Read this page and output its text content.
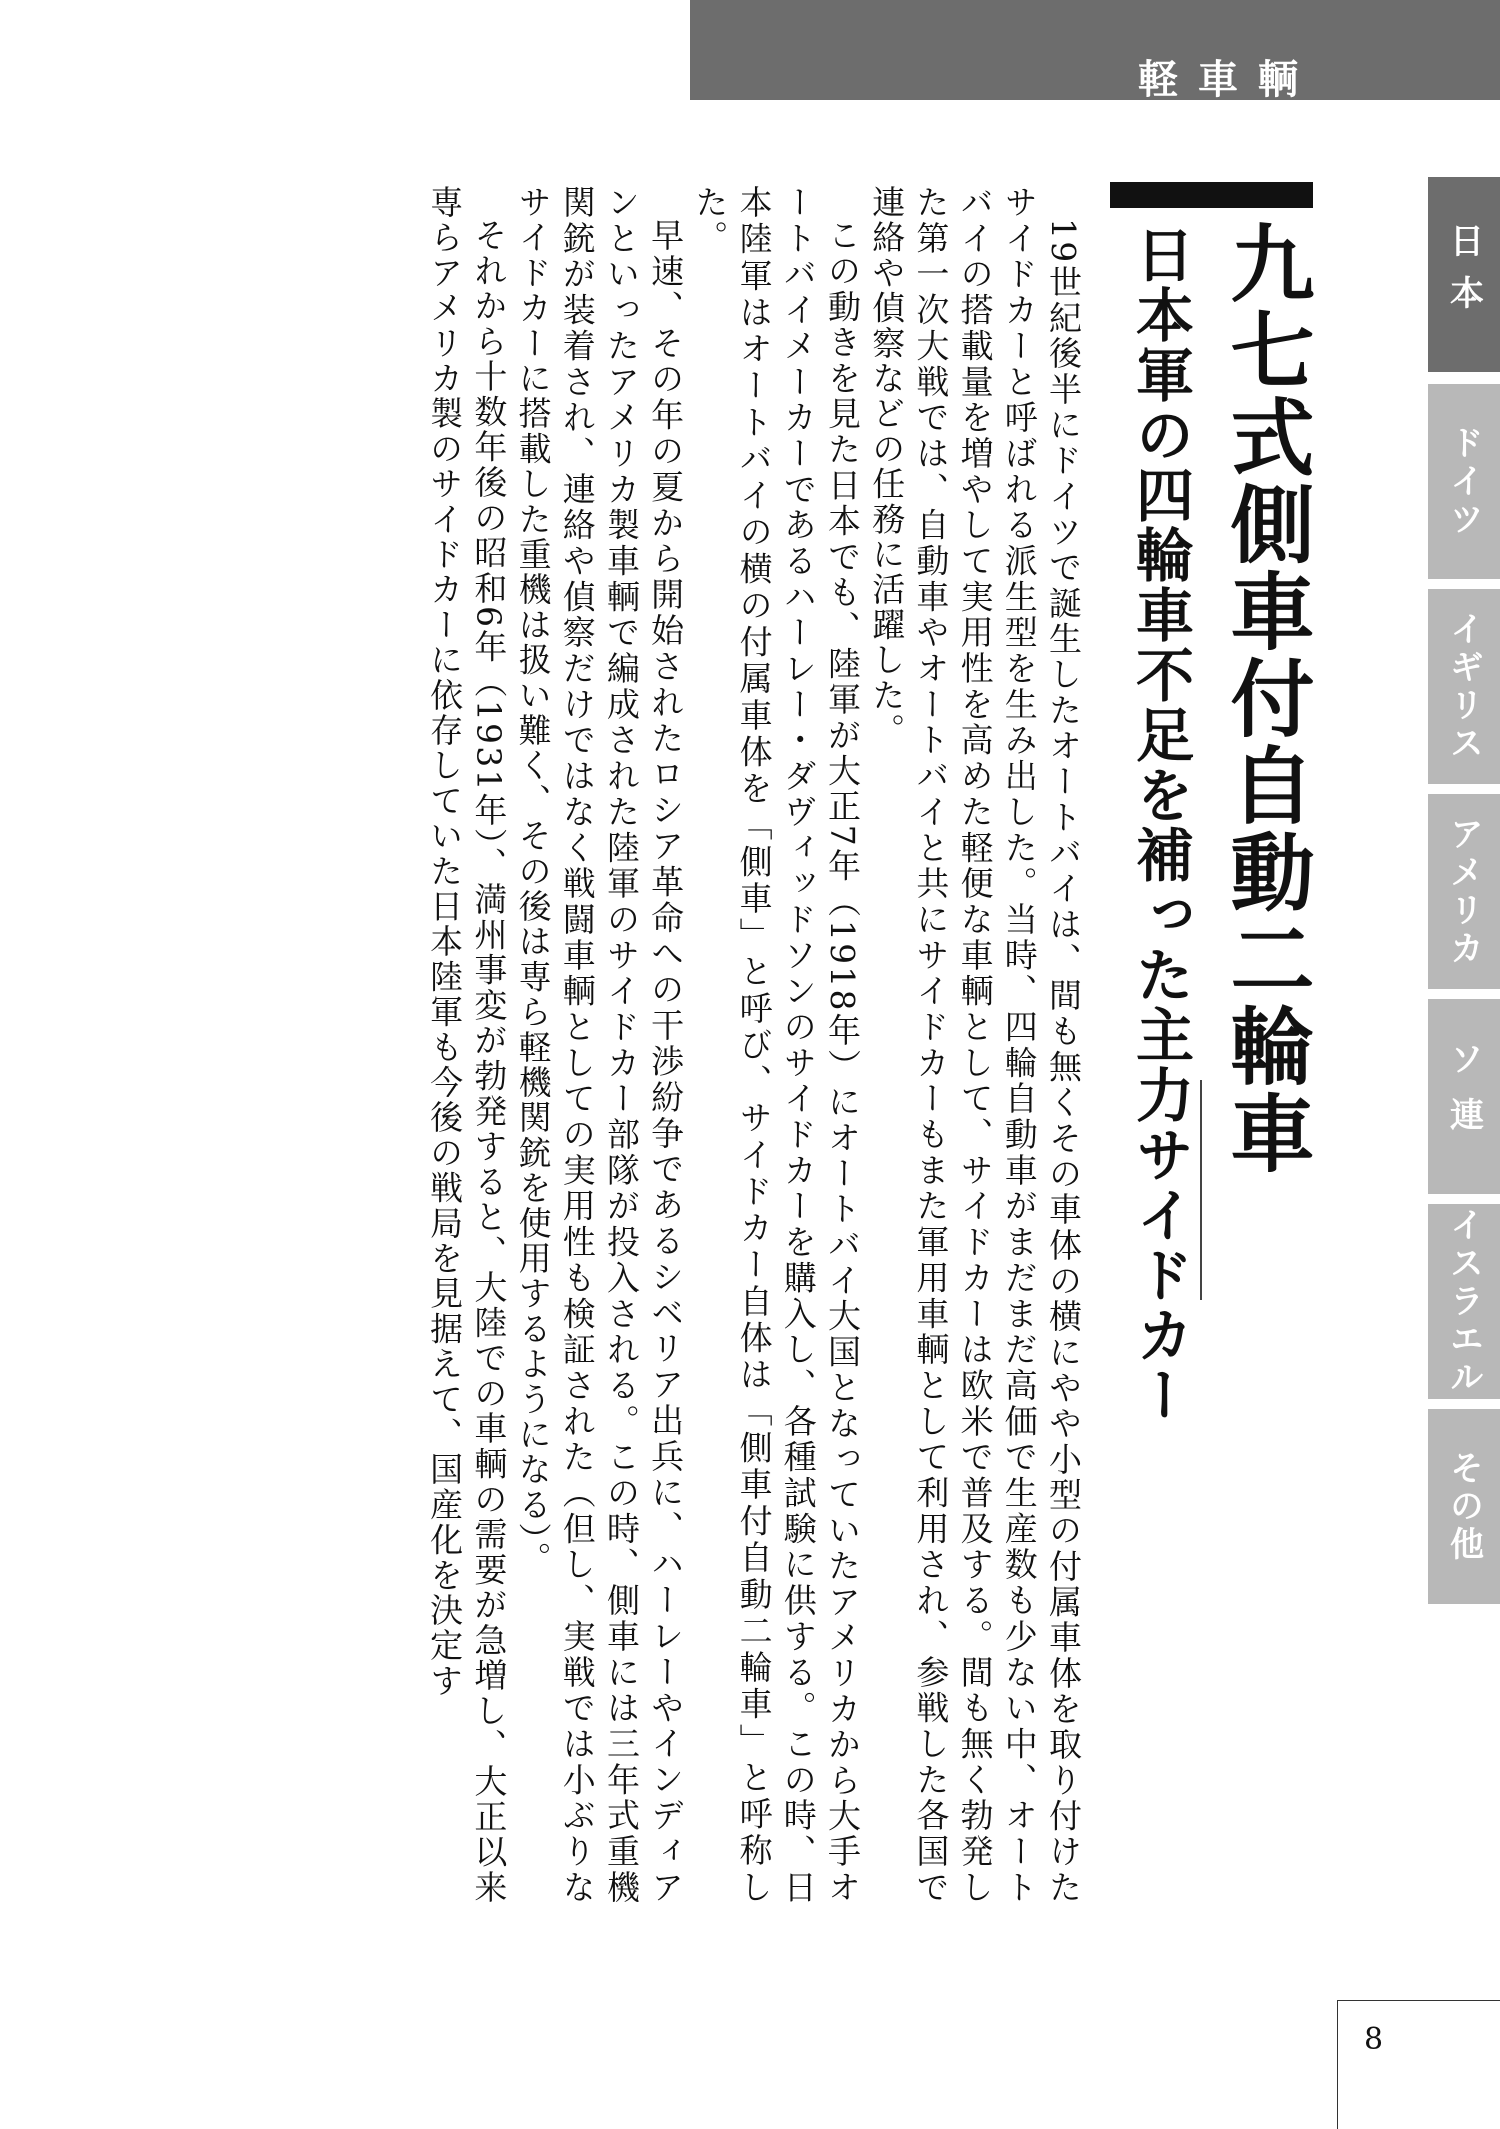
軽車輌
日本
ドイツ
イギリス
アメリカ
ソ連
イスラエル
その他
九七式側車付自動二輪車
日本軍の四輪車不足を補った主力サイドカー

19世紀後半にドイツで誕生したオートバイは、間も無くその車体の横にやや小型の付属車体を取り付けたサイドカーと呼ばれる派生型を生み出した。当時、四輪自動車がまだまだ高価で生産数も少ない中、オートバイの搭載量を増やして実用性を高めた軽便な車輌として、サイドカーは欧米で普及する。間も無く勃発した第一次大戦では、自動車やオートバイと共にサイドカーもまた軍用車輌として利用され、参戦した各国で連絡や偵察などの任務に活躍した。

この動きを見た日本でも、陸軍が大正7年（1918年）にオートバイ大国となっていたアメリカから大手オートバイメーカーであるハーレー・ダヴィッドソンのサイドカーを購入し、各種試験に供する。この時、日本陸軍はオートバイの横の付属車体を「側車」と呼び、サイドカー自体は「側車付自動二輪車」と呼称した。

早速、その年の夏から開始されたロシア革命への干渉紛争であるシベリア出兵に、ハーレーやインディアンといったアメリカ製車輌で編成された陸軍のサイドカー部隊が投入される。この時、側車には三年式重機関銃が装着され、連絡や偵察だけではなく戦闘車輌としての実用性も検証された（但し、実戦では小ぶりなサイドカーに搭載した重機は扱い難く、その後は専ら軽機関銃を使用するようになる）。

それから十数年後の昭和6年（1931年）、満州事変が勃発すると、大陸での車輌の需要が急増し、大正以来専らアメリカ製のサイドカーに依存していた日本陸軍も今後の戦局を見据えて、国産化を決定す

8
